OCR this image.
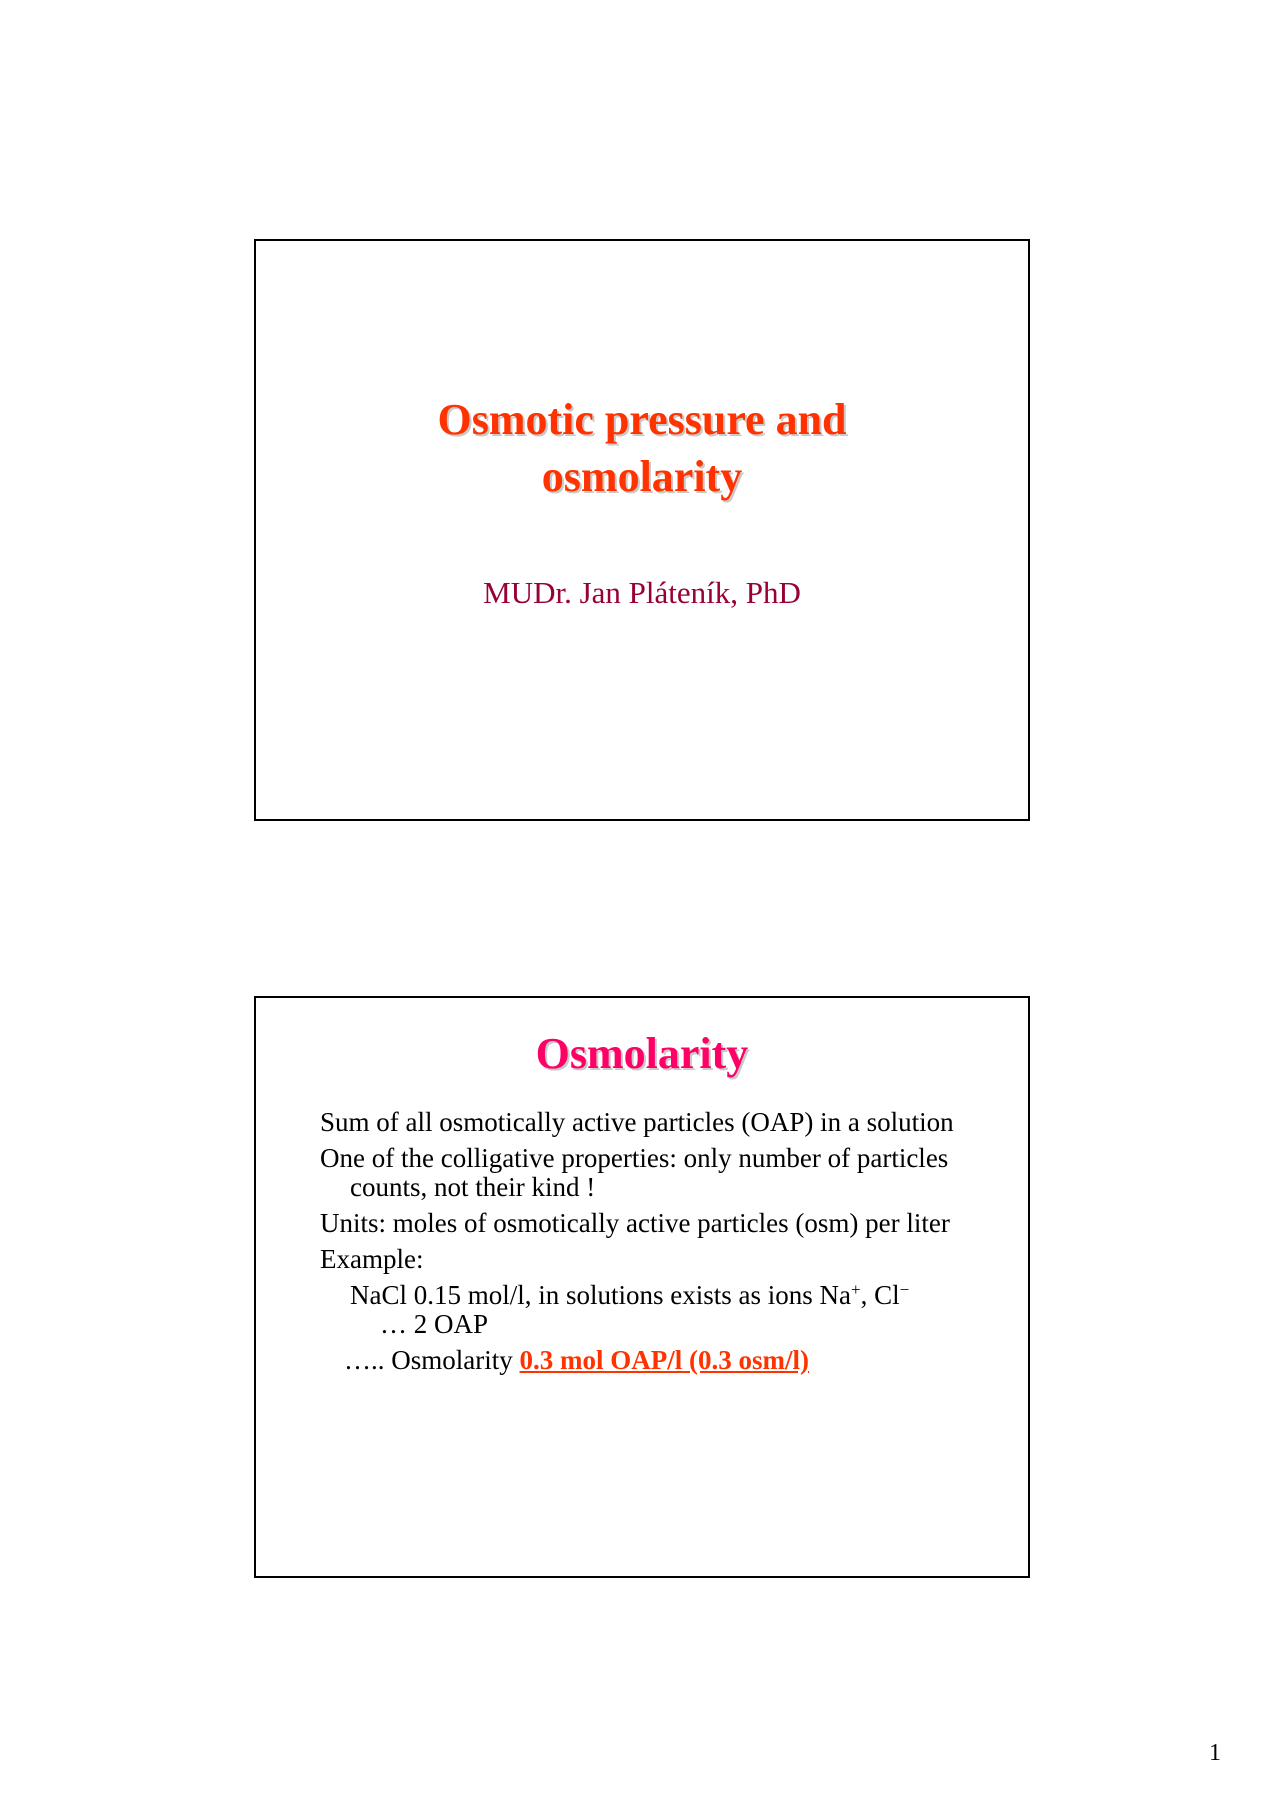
Osmotic pressure and
osmolarity
MUDr. Jan Pláteník, PhD
Osmolarity
Sum of all osmotically active particles (OAP) in a solution
One of the colligative properties: only number of particles counts, not their kind !
Units: moles of osmotically active particles (osm) per liter
Example:
NaCl 0.15 mol/l, in solutions exists as ions Na+, Cl−
… 2 OAP
….. Osmolarity 0.3 mol OAP/l (0.3 osm/l)
1
